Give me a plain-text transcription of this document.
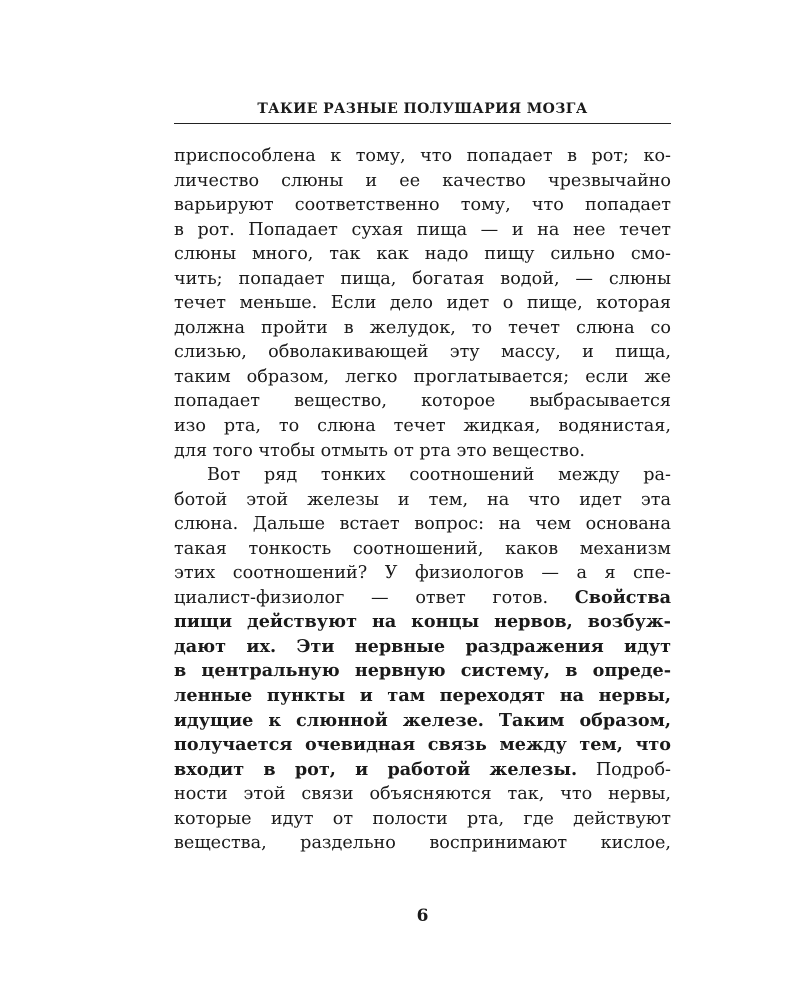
ТАКИЕ РАЗНЫЕ ПОЛУШАРИЯ МОЗГА
приспособлена к тому, что попадает в рот; ко-
личество слюны и ее качество чрезвычайно
варьируют соответственно тому, что попадает
в рот. Попадает сухая пища — и на нее течет
слюны много, так как надо пищу сильно смо-
чить; попадает пища, богатая водой, — слюны
течет меньше. Если дело идет о пище, которая
должна пройти в желудок, то течет слюна со
слизью, обволакивающей эту массу, и пища,
таким образом, легко проглатывается; если же
попадает вещество, которое выбрасывается
изо рта, то слюна течет жидкая, водянистая,
для того чтобы отмыть от рта это вещество.
Вот ряд тонких соотношений между ра-
ботой этой железы и тем, на что идет эта
слюна. Дальше встает вопрос: на чем основана
такая тонкость соотношений, каков механизм
этих соотношений? У физиологов — а я спе-
циалист-физиолог — ответ готов. Свойства
пищи действуют на концы нервов, возбуж-
дают их. Эти нервные раздражения идут
в центральную нервную систему, в опреде-
ленные пункты и там переходят на нервы,
идущие к слюнной железе. Таким образом,
получается очевидная связь между тем, что
входит в рот, и работой железы. Подроб-
ности этой связи объясняются так, что нервы,
которые идут от полости рта, где действуют
вещества, раздельно воспринимают кислое,
6
